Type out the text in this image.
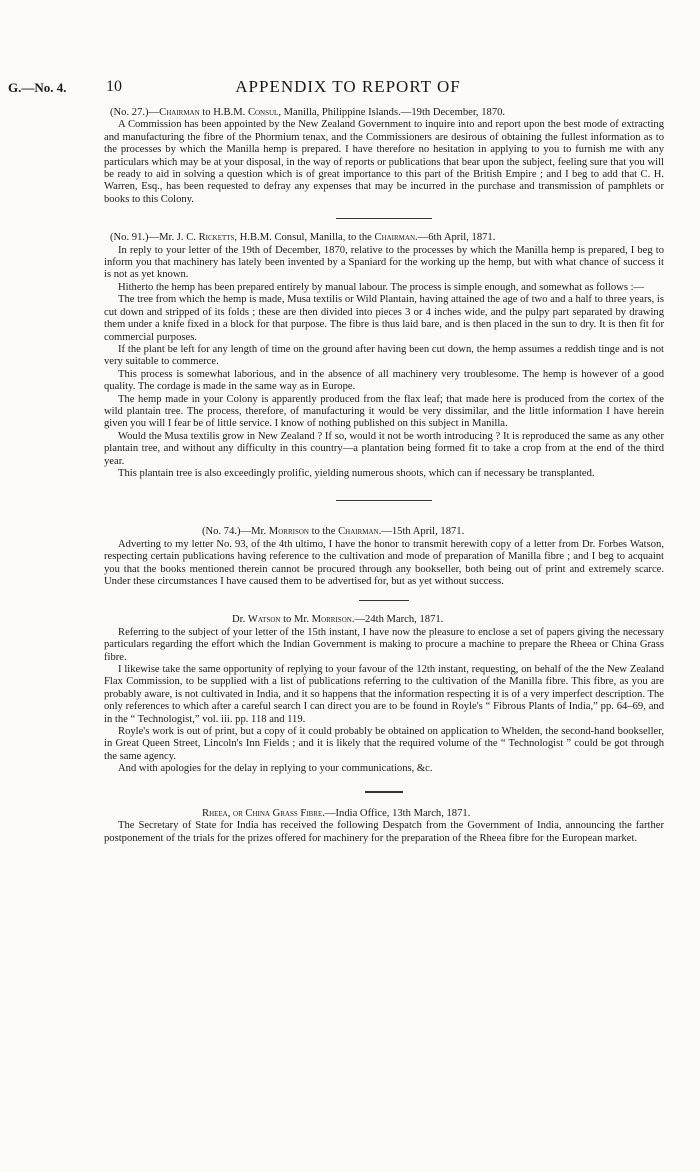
G.—No. 4. 10	APPENDIX TO REPORT OF
(No. 27.)—Chairman to H.B.M. Consul, Manilla, Philippine Islands.—19th December, 1870.

A Commission has been appointed by the New Zealand Government to inquire into and report upon the best mode of extracting and manufacturing the fibre of the Phormium tenax, and the Commissioners are desirous of obtaining the fullest information as to the processes by which the Manilla hemp is prepared. I have therefore no hesitation in applying to you to furnish me with any particulars which may be at your disposal, in the way of reports or publications that bear upon the subject, feeling sure that you will be ready to aid in solving a question which is of great importance to this part of the British Empire ; and I beg to add that C. H. Warren, Esq., has been requested to defray any expenses that may be incurred in the purchase and transmission of pamphlets or books to this Colony.

(No. 91.)—Mr. J. C. Ricketts, H.B.M. Consul, Manilla, to the Chairman.—6th April, 1871.

In reply to your letter of the 19th of December, 1870, relative to the processes by which the Manilla hemp is prepared, I beg to inform you that machinery has lately been invented by a Spaniard for the working up the hemp, but with what chance of success it is not as yet known.

Hitherto the hemp has been prepared entirely by manual labour. The process is simple enough, and somewhat as follows :—

The tree from which the hemp is made, Musa textilis or Wild Plantain, having attained the age of two and a half to three years, is cut down and stripped of its folds ; these are then divided into pieces 3 or 4 inches wide, and the pulpy part separated by drawing them under a knife fixed in a block for that purpose. The fibre is thus laid bare, and is then placed in the sun to dry. It is then fit for commercial purposes.

If the plant be left for any length of time on the ground after having been cut down, the hemp assumes a reddish tinge and is not very suitable to commerce.

This process is somewhat laborious, and in the absence of all machinery very troublesome. The hemp is however of a good quality. The cordage is made in the same way as in Europe.

The hemp made in your Colony is apparently produced from the flax leaf; that made here is produced from the cortex of the wild plantain tree. The process, therefore, of manufacturing it would be very dissimilar, and the little information I have herein given you will I fear be of little service. I know of nothing published on this subject in Manilla.

Would the Musa textilis grow in New Zealand ? If so, would it not be worth introducing ? It is reproduced the same as any other plantain tree, and without any difficulty in this country—a plantation being formed fit to take a crop from at the end of the third year.

This plantain tree is also exceedingly prolific, yielding numerous shoots, which can if necessary be transplanted.

(No. 74.)—Mr. Morrison to the Chairman.—15th April, 1871.

Adverting to my letter No. 93, of the 4th ultimo, I have the honor to transmit herewith copy of a letter from Dr. Forbes Watson, respecting certain publications having reference to the cultivation and mode of preparation of Manilla fibre ; and I beg to acquaint you that the books mentioned therein cannot be procured through any bookseller, both being out of print and extremely scarce. Under these circumstances I have caused them to be advertised for, but as yet without success.

Dr. Watson to Mr. Morrison.—24th March, 1871.

Referring to the subject of your letter of the 15th instant, I have now the pleasure to enclose a set of papers giving the necessary particulars regarding the effort which the Indian Government is making to procure a machine to prepare the Rheea or China Grass fibre.

I likewise take the same opportunity of replying to your favour of the 12th instant, requesting, on behalf of the the New Zealand Flax Commission, to be supplied with a list of publications referring to the cultivation of the Manilla fibre. This fibre, as you are probably aware, is not cultivated in India, and it so happens that the information respecting it is of a very imperfect description. The only references to which after a careful search I can direct you are to be found in Royle's “ Fibrous Plants of India,” pp. 64–69, and in the “ Technologist,” vol. iii. pp. 118 and 119.

Royle's work is out of print, but a copy of it could probably be obtained on application to Whelden, the second-hand bookseller, in Great Queen Street, Lincoln's Inn Fields ; and it is likely that the required volume of the “ Technologist ” could be got through the same agency.

And with apologies for the delay in replying to your communications, &c.

Rheea, or China Grass Fibre.—India Office, 13th March, 1871.

The Secretary of State for India has received the following Despatch from the Government of India, announcing the farther postponement of the trials for the prizes offered for machinery for the preparation of the Rheea fibre for the European market.
